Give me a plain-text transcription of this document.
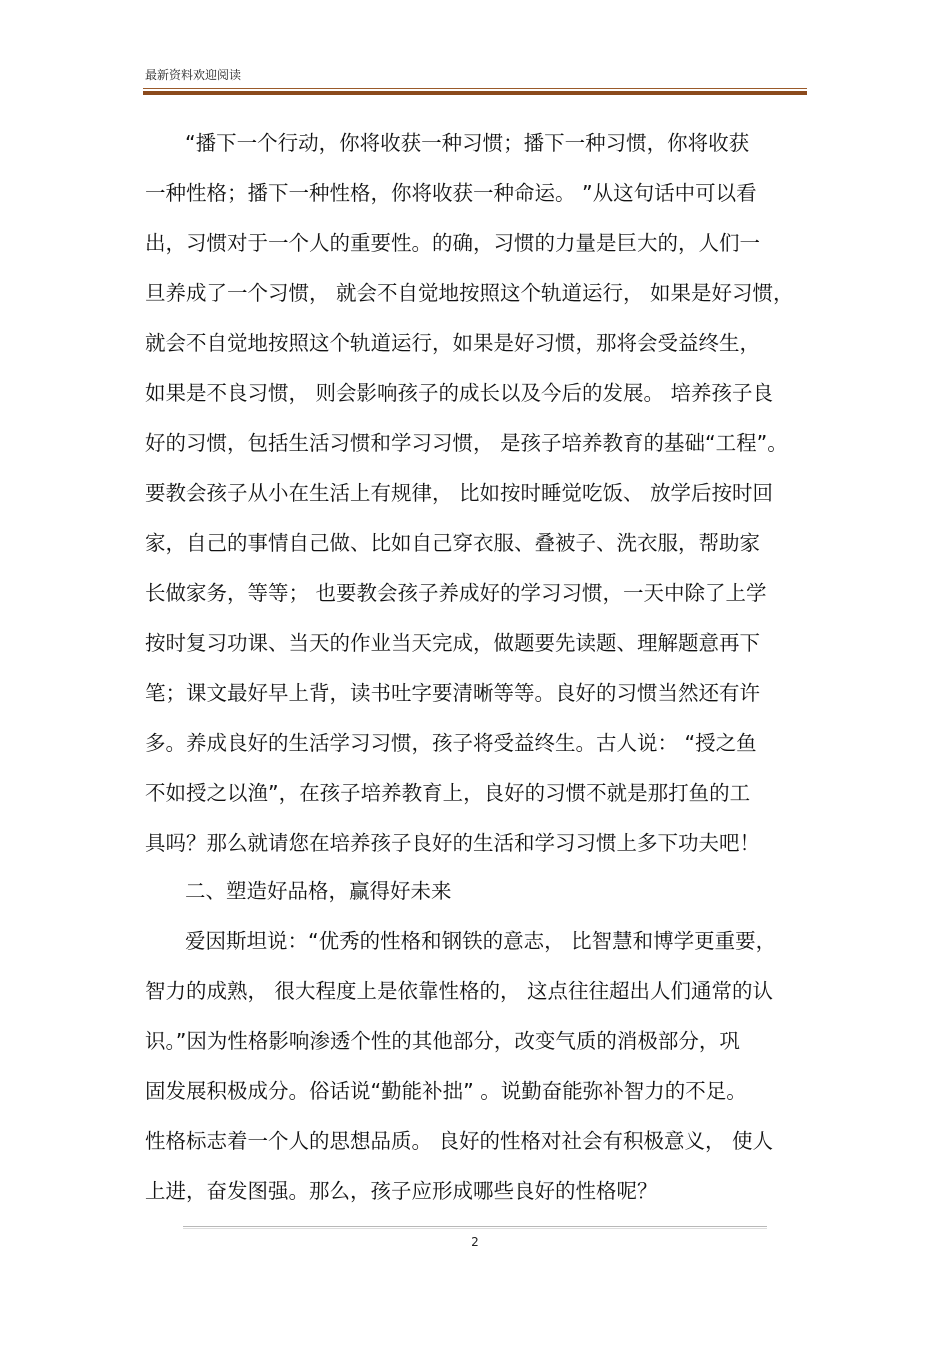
最新资料欢迎阅读
“播下一个行动，你将收获一种习惯；播下一种习惯，你将收获
一种性格；播下一种性格，你将收获一种命运。 ”从这句话中可以看
出，习惯对于一个人的重要性。的确，习惯的力量是巨大的，人们一
旦养成了一个习惯， 就会不自觉地按照这个轨道运行， 如果是好习惯，
就会不自觉地按照这个轨道运行，如果是好习惯，那将会受益终生，
如果是不良习惯， 则会影响孩子的成长以及今后的发展。 培养孩子良
好的习惯，包括生活习惯和学习习惯， 是孩子培养教育的基础“工程”。
要教会孩子从小在生活上有规律， 比如按时睡觉吃饭、 放学后按时回
家，自己的事情自己做、比如自己穿衣服、叠被子、洗衣服，帮助家
长做家务，等等； 也要教会孩子养成好的学习习惯，一天中除了上学
按时复习功课、当天的作业当天完成，做题要先读题、理解题意再下
笔；课文最好早上背，读书吐字要清晰等等。良好的习惯当然还有许
多。养成良好的生活学习习惯，孩子将受益终生。古人说： “授之鱼
不如授之以渔”，在孩子培养教育上，良好的习惯不就是那打鱼的工
具吗？那么就请您在培养孩子良好的生活和学习习惯上多下功夫吧！
二、塑造好品格，赢得好未来
爱因斯坦说：“优秀的性格和钢铁的意志， 比智慧和博学更重要，
智力的成熟， 很大程度上是依靠性格的， 这点往往超出人们通常的认
识。”因为性格影响渗透个性的其他部分，改变气质的消极部分，巩
固发展积极成分。俗话说“勤能补拙” 。说勤奋能弥补智力的不足。
性格标志着一个人的思想品质。 良好的性格对社会有积极意义， 使人
上进，奋发图强。那么，孩子应形成哪些良好的性格呢？
2
